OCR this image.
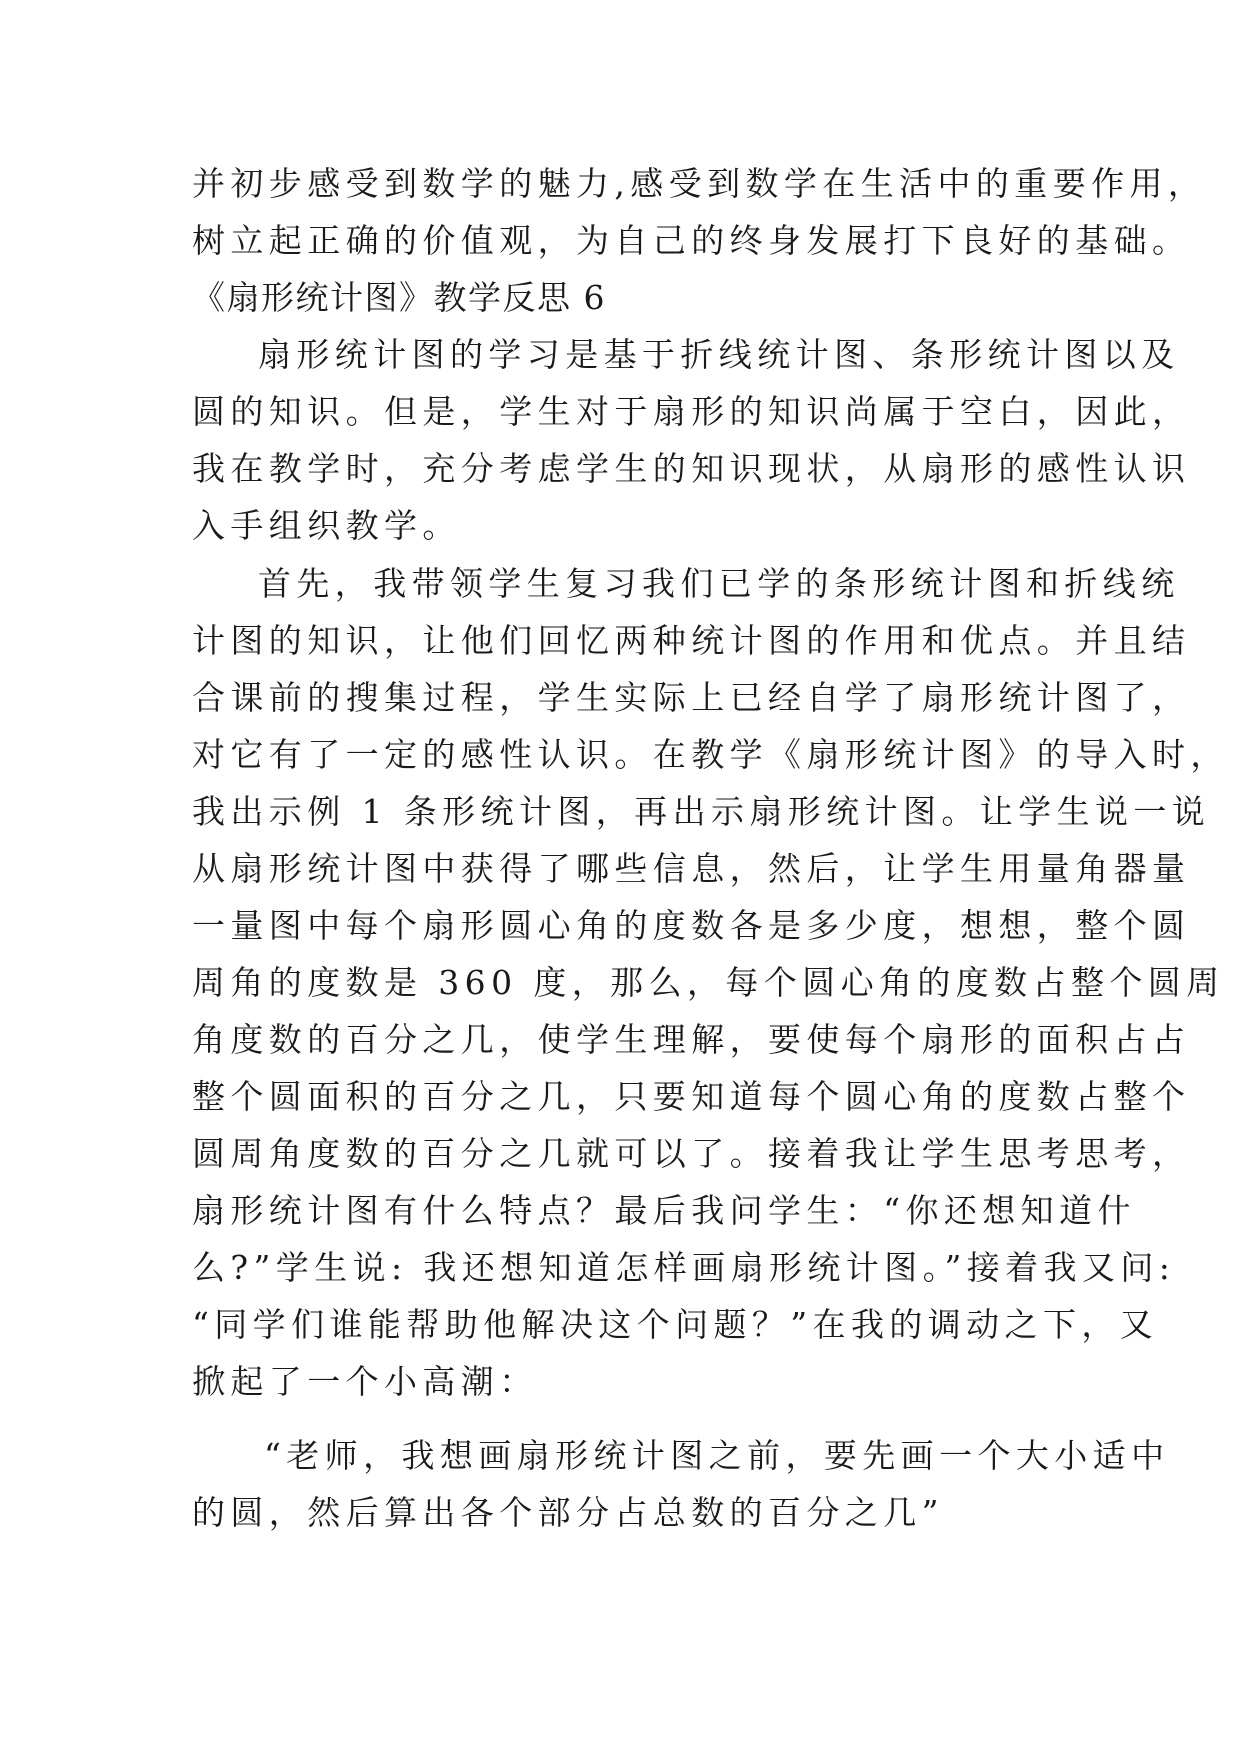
并初步感受到数学的魅力,感受到数学在生活中的重要作用，
树立起正确的价值观，为自己的终身发展打下良好的基础。
《扇形统计图》教学反思 6
扇形统计图的学习是基于折线统计图、条形统计图以及
圆的知识。但是，学生对于扇形的知识尚属于空白，因此，
我在教学时，充分考虑学生的知识现状，从扇形的感性认识
入手组织教学。
首先，我带领学生复习我们已学的条形统计图和折线统
计图的知识，让他们回忆两种统计图的作用和优点。并且结
合课前的搜集过程，学生实际上已经自学了扇形统计图了，
对它有了一定的感性认识。在教学《扇形统计图》的导入时，
我出示例 1 条形统计图，再出示扇形统计图。让学生说一说
从扇形统计图中获得了哪些信息，然后，让学生用量角器量
一量图中每个扇形圆心角的度数各是多少度，想想，整个圆
周角的度数是 360 度，那么，每个圆心角的度数占整个圆周
角度数的百分之几，使学生理解，要使每个扇形的面积占占
整个圆面积的百分之几，只要知道每个圆心角的度数占整个
圆周角度数的百分之几就可以了。接着我让学生思考思考，
扇形统计图有什么特点？最后我问学生：“你还想知道什
么?”学生说: 我还想知道怎样画扇形统计图。”接着我又问:
“同学们谁能帮助他解决这个问题？”在我的调动之下，又
掀起了一个小高潮：
“老师，我想画扇形统计图之前，要先画一个大小适中
的圆，然后算出各个部分占总数的百分之几”
